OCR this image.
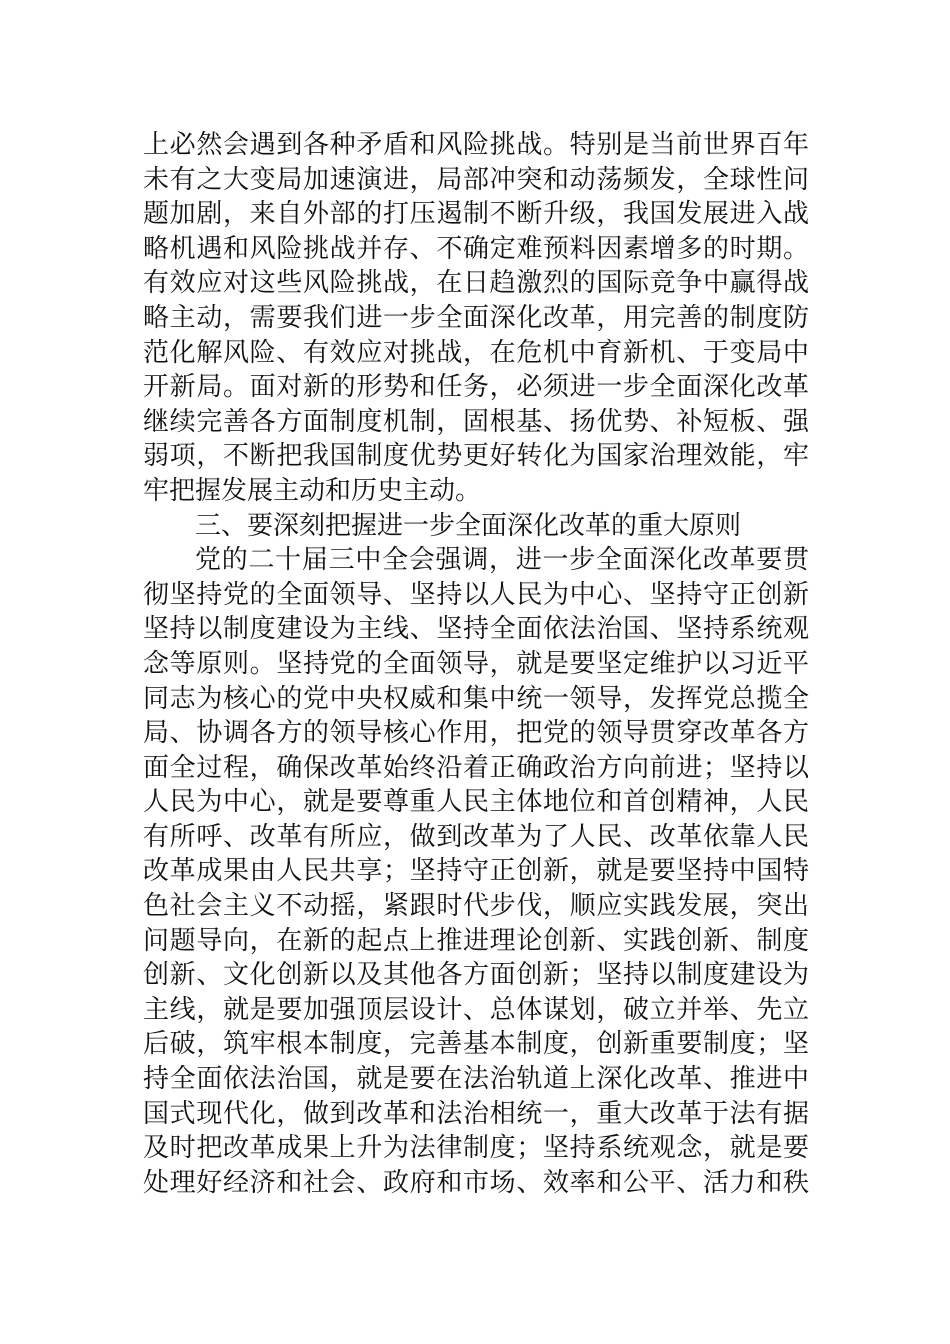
上必然会遇到各种矛盾和风险挑战。特别是当前世界百年
未有之大变局加速演进，局部冲突和动荡频发，全球性问
题加剧，来自外部的打压遏制不断升级，我国发展进入战
略机遇和风险挑战并存、不确定难预料因素增多的时期。
有效应对这些风险挑战，在日趋激烈的国际竞争中赢得战
略主动，需要我们进一步全面深化改革，用完善的制度防
范化解风险、有效应对挑战，在危机中育新机、于变局中
开新局。面对新的形势和任务，必须进一步全面深化改革
继续完善各方面制度机制，固根基、扬优势、补短板、强
弱项，不断把我国制度优势更好转化为国家治理效能，牢
牢把握发展主动和历史主动。
三、要深刻把握进一步全面深化改革的重大原则
党的二十届三中全会强调，进一步全面深化改革要贯
彻坚持党的全面领导、坚持以人民为中心、坚持守正创新
坚持以制度建设为主线、坚持全面依法治国、坚持系统观
念等原则。坚持党的全面领导，就是要坚定维护以习近平
同志为核心的党中央权威和集中统一领导，发挥党总揽全
局、协调各方的领导核心作用，把党的领导贯穿改革各方
面全过程，确保改革始终沿着正确政治方向前进；坚持以
人民为中心，就是要尊重人民主体地位和首创精神，人民
有所呼、改革有所应，做到改革为了人民、改革依靠人民
改革成果由人民共享；坚持守正创新，就是要坚持中国特
色社会主义不动摇，紧跟时代步伐，顺应实践发展，突出
问题导向，在新的起点上推进理论创新、实践创新、制度
创新、文化创新以及其他各方面创新；坚持以制度建设为
主线，就是要加强顶层设计、总体谋划，破立并举、先立
后破，筑牢根本制度，完善基本制度，创新重要制度；坚
持全面依法治国，就是要在法治轨道上深化改革、推进中
国式现代化，做到改革和法治相统一，重大改革于法有据
及时把改革成果上升为法律制度；坚持系统观念，就是要
处理好经济和社会、政府和市场、效率和公平、活力和秩
